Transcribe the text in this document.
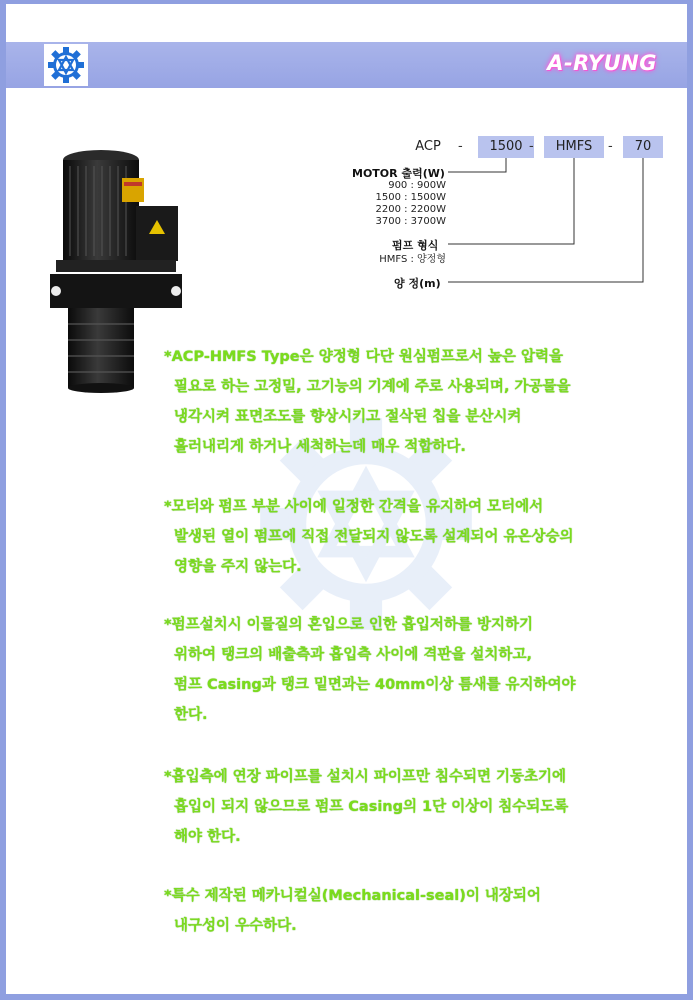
A-RYUNG
ACP	-	1500 -	HMFS	-	70
MOTOR 출력(W)
900 : 900W
1500 : 1500W
2200 : 2200W
3700 : 3700W
펌프 형식
HMFS : 양정형
양 정(m)
*ACP-HMFS Type은 양정형 다단 원심펌프로서 높은 압력을
필요로 하는 고정밀, 고기능의 기계에 주로 사용되며, 가공물을
냉각시켜 표면조도를 향상시키고 절삭된 칩을 분산시켜
흘러내리게 하거나 세척하는데 매우 적합하다.
*모터와 펌프 부분 사이에 일정한 간격을 유지하여 모터에서
발생된 열이 펌프에 직접 전달되지 않도록 설계되어 유온상승의
영향을 주지 않는다.
*펌프설치시 이물질의 혼입으로 인한 흡입저하를 방지하기
위하여 탱크의 배출측과 흡입측 사이에 격판을 설치하고,
펌프 Casing과 탱크 밑면과는 40mm이상 틈새를 유지하여야
한다.
*흡입측에 연장 파이프를 설치시 파이프만 침수되면 기동초기에
흡입이 되지 않으므로 펌프 Casing의 1단 이상이 침수되도록
해야 한다.
*특수 제작된 메카니컬실(Mechanical-seal)이 내장되어
내구성이 우수하다.
